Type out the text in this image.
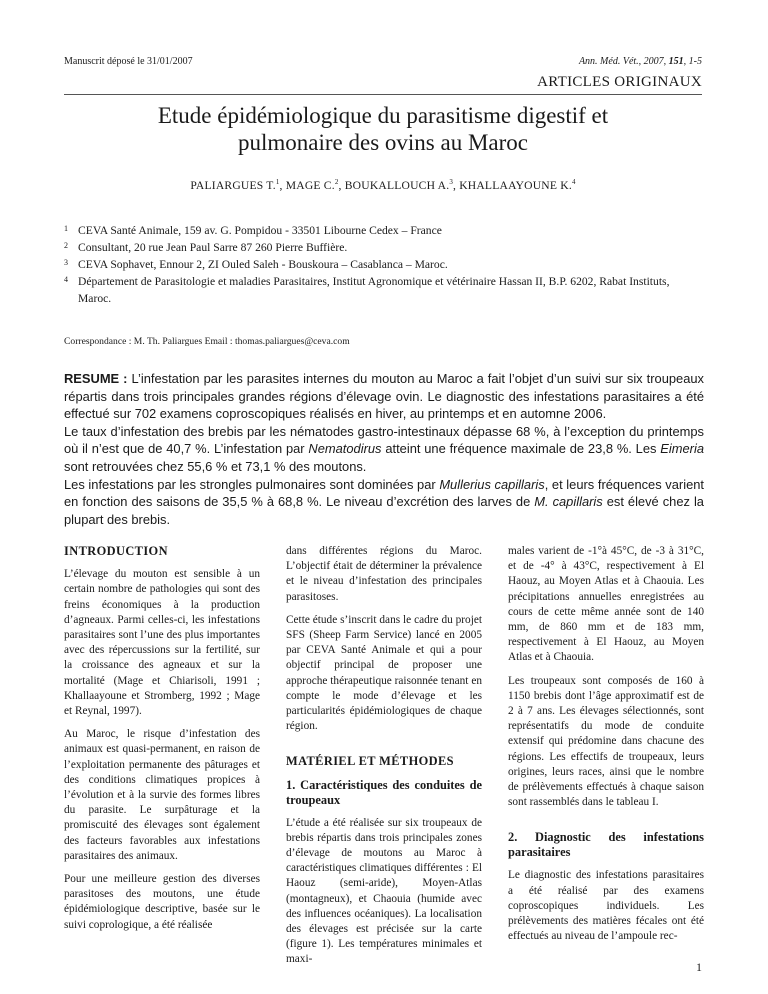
Manuscrit déposé le 31/01/2007	Ann. Méd. Vét., 2007, 151, 1-5
ARTICLES ORIGINAUX
Etude épidémiologique du parasitisme digestif et
pulmonaire des ovins au Maroc
PALIARGUES T.$^1$, MAGE C.$^2$, BOUKALLOUCH A.$^3$, KHALLAAYOUNE K.$^4$
1 CEVA Santé Animale, 159 av. G. Pompidou - 33501 Libourne Cedex – France
2 Consultant, 20 rue Jean Paul Sarre 87 260 Pierre Buffière.
3 CEVA Sophavet, Ennour 2, ZI Ouled Saleh - Bouskoura – Casablanca – Maroc.
4 Département de Parasitologie et maladies Parasitaires, Institut Agronomique et vétérinaire Hassan II, B.P. 6202, Rabat Instituts, Maroc.
Correspondance : M. Th. Paliargues Email : thomas.paliargues@ceva.com

RESUME : L’infestation par les parasites internes du mouton au Maroc a fait l’objet d’un suivi sur six troupeaux répartis dans trois principales grandes régions d’élevage ovin. Le diagnostic des infestations parasitaires a été effectué sur 702 examens coproscopiques réalisés en hiver, au printemps et en automne 2006.

Le taux d’infestation des brebis par les nématodes gastro-intestinaux dépasse 68 %, à l’exception du printemps où il n’est que de 40,7 %. L’infestation par Nematodirus atteint une fréquence maximale de 23,8 %. Les Eimeria sont retrouvées chez 55,6 % et 73,1 % des moutons.

Les infestations par les strongles pulmonaires sont dominées par Mullerius capillaris, et leurs fréquences varient en fonction des saisons de 35,5 % à 68,8 %. Le niveau d’excrétion des larves de M. capillaris est élevé chez la plupart des brebis.

INTRODUCTION

L’élevage du mouton est sensible à un certain nombre de pathologies qui sont des freins économiques à la production d’agneaux. Parmi celles-ci, les infestations parasitaires sont l’une des plus importantes avec des répercussions sur la fertilité, sur la croissance des agneaux et sur la mortalité (Mage et Chiarisoli, 1991 ; Khallaayoune et Stromberg, 1992 ; Mage et Reynal, 1997).

Au Maroc, le risque d’infestation des animaux est quasi-permanent, en raison de l’exploitation permanente des pâturages et des conditions climatiques propices à l’évolution et à la survie des formes libres du parasite. Le surpâturage et la promiscuité des élevages sont également des facteurs favorables aux infestations parasitaires des animaux.

Pour une meilleure gestion des diverses parasitoses des moutons, une étude épidémiologique descriptive, basée sur le suivi coprologique, a été réalisée

dans différentes régions du Maroc. L’objectif était de déterminer la prévalence et le niveau d’infestation des principales parasitoses.

Cette étude s’inscrit dans le cadre du projet SFS (Sheep Farm Service) lancé en 2005 par CEVA Santé Animale et qui a pour objectif principal de proposer une approche thérapeutique raisonnée tenant en compte le mode d’élevage et les particularités épidémiologiques de chaque région.

MATÉRIEL ET MÉTHODES
1. Caractéristiques des conduites de troupeaux

L’étude a été réalisée sur six troupeaux de brebis répartis dans trois principales zones d’élevage de moutons au Maroc à caractéristiques climatiques différentes : El Haouz (semi-aride), Moyen-Atlas (montagneux), et Chaouia (humide avec des influences océaniques). La localisation des élevages est précisée sur la carte (figure 1). Les températures minimales et maxi-

males varient de -1°à 45°C, de -3 à 31°C, et de -4° à 43°C, respectivement à El Haouz, au Moyen Atlas et à Chaouia. Les précipitations annuelles enregistrées au cours de cette même année sont de 140 mm, de 860 mm et de 183 mm, respectivement à El Haouz, au Moyen Atlas et à Chaouia.

Les troupeaux sont composés de 160 à 1150 brebis dont l’âge approximatif est de 2 à 7 ans. Les élevages sélectionnés, sont représentatifs du mode de conduite extensif qui prédomine dans chacune des régions. Les effectifs de troupeaux, leurs origines, leurs races, ainsi que le nombre de prélèvements effectués à chaque saison sont rassemblés dans le tableau I.

2. Diagnostic des infestations parasitaires

Le diagnostic des infestations parasitaires a été réalisé par des examens coproscopiques individuels. Les prélèvements des matières fécales ont été effectués au niveau de l’ampoule rec-

1
